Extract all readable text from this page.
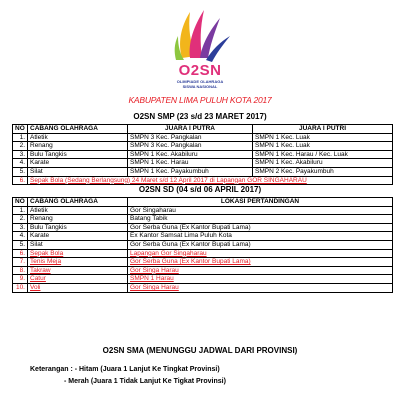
O2SN
OLIMPIADE OLAHRAGA
SISWA NASIONAL
KABUPATEN LIMA PULUH KOTA 2017
O2SN SMP (23 s/d 23 MARET 2017)
NO	CABANG OLAHRAGA	JUARA I PUTRA	JUARA I PUTRI
1.	Atletik	SMPN 3 Kec. Pangkalan	SMPN 1 Kec. Luak
2.	Renang	SMPN 3 Kec. Pangkalan	SMPN 1 Kec. Luak
3.	Bulu Tangkis	SMPN 1 Kec. Akabiluru	SMPN 1 Kec. Harau / Kec. Luak
4.	Karate	SMPN 1 Kec. Harau	SMPN 1 Kec. Akabiluru
5.	Silat	SMPN 1 Kec. Payakumbuh	SMPN 2 Kec. Payakumbuh
6.	Sepak Bola (Sedang Berlangsung) 24 Maret s/d 12 April 2017 di Lapangan GOR SINGAHARAU		
O2SN SD (04 s/d 06 APRIL 2017)
NO	CABANG OLAHRAGA	LOKASI PERTANDINGAN
1.	Atletik	Gor Singaharau
2.	Renang	Batang Tabik
3.	Bulu Tangkis	Gor Serba Guna (Ex Kantor Bupati Lama)
4.	Karate	Ex Kantor Samsat Lima Puluh Kota
5.	Silat	Gor Serba Guna (Ex Kantor Bupati Lama)
6.	Sepak Bola	Lapangan Gor Singaharau
7.	Tenis Meja	Gor Serba Guna (Ex Kantor Bupati Lama)
8.	Takraw	Gor Singa Harau
9.	Catur	SMPN 1 Harau
10.	Voli	Gor Singa Harau
O2SN SMA (MENUNGGU JADWAL DARI PROVINSI)
Keterangan : - Hitam (Juara 1 Lanjut Ke Tingkat Provinsi)
- Merah (Juara 1 Tidak Lanjut Ke Tigkat Provinsi)
